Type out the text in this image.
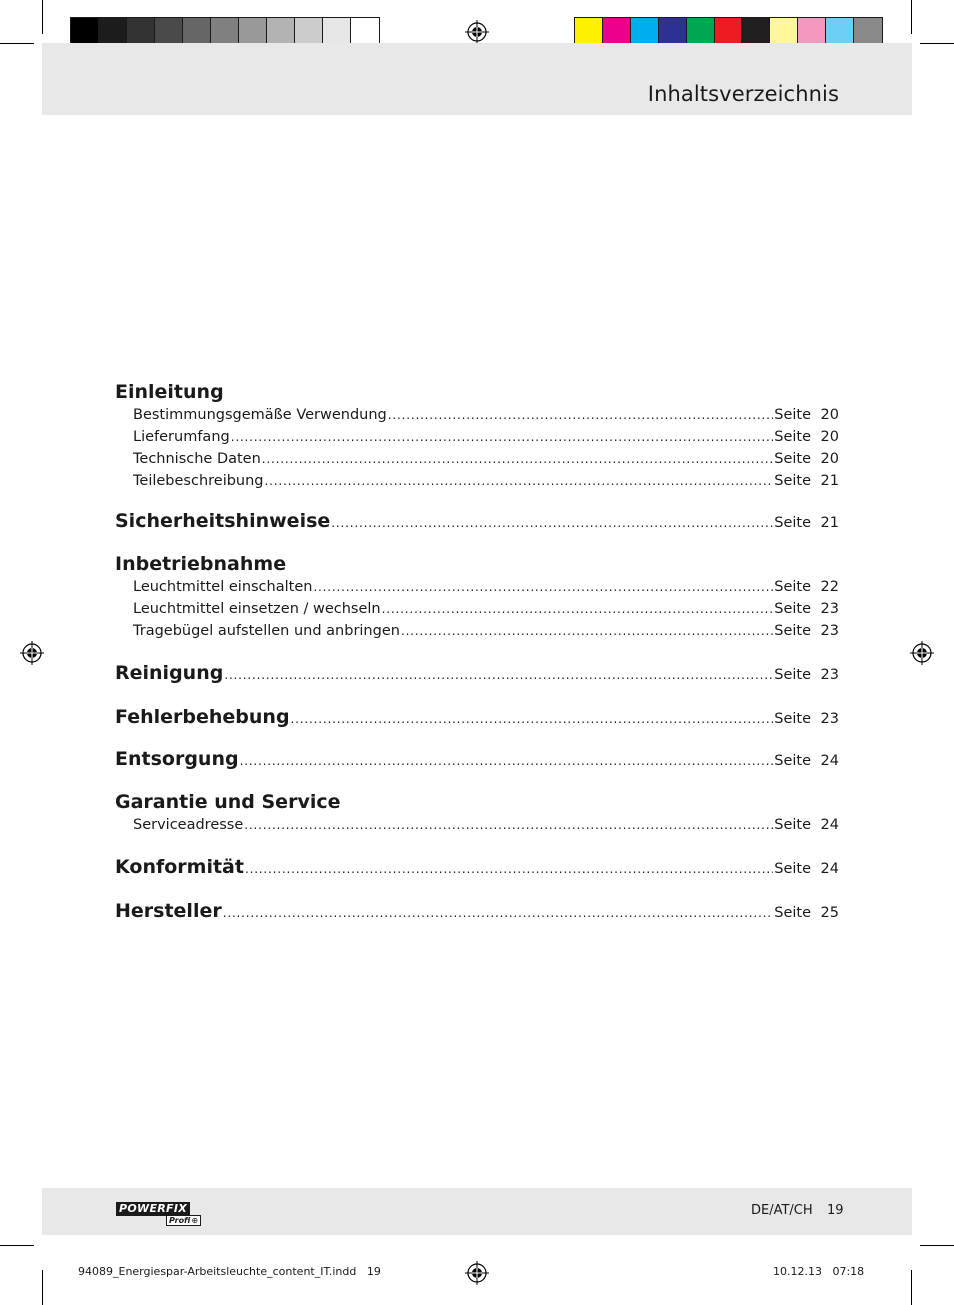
Inhaltsverzeichnis
Einleitung
Bestimmungsgemäße Verwendung .....	Seite 20
Lieferumfang .....	Seite 20
Technische Daten .....	Seite 20
Teilebeschreibung .....	Seite 21
Sicherheitshinweise .....	Seite 21
Inbetriebnahme
Leuchtmittel einschalten .....	Seite 22
Leuchtmittel einsetzen / wechseln .....	Seite 23
Tragebügel aufstellen und anbringen .....	Seite 23
Reinigung .....	Seite 23
Fehlerbehebung .....	Seite 23
Entsorgung .....	Seite 24
Garantie und Service
Serviceadresse .....	Seite 24
Konformität .....	Seite 24
Hersteller .....	Seite 25
POWERFIX
Profi ⊕
DE/AT/CH 19
94089_Energiespar-Arbeitsleuchte_content_IT.indd   19	10.12.13   07:18
